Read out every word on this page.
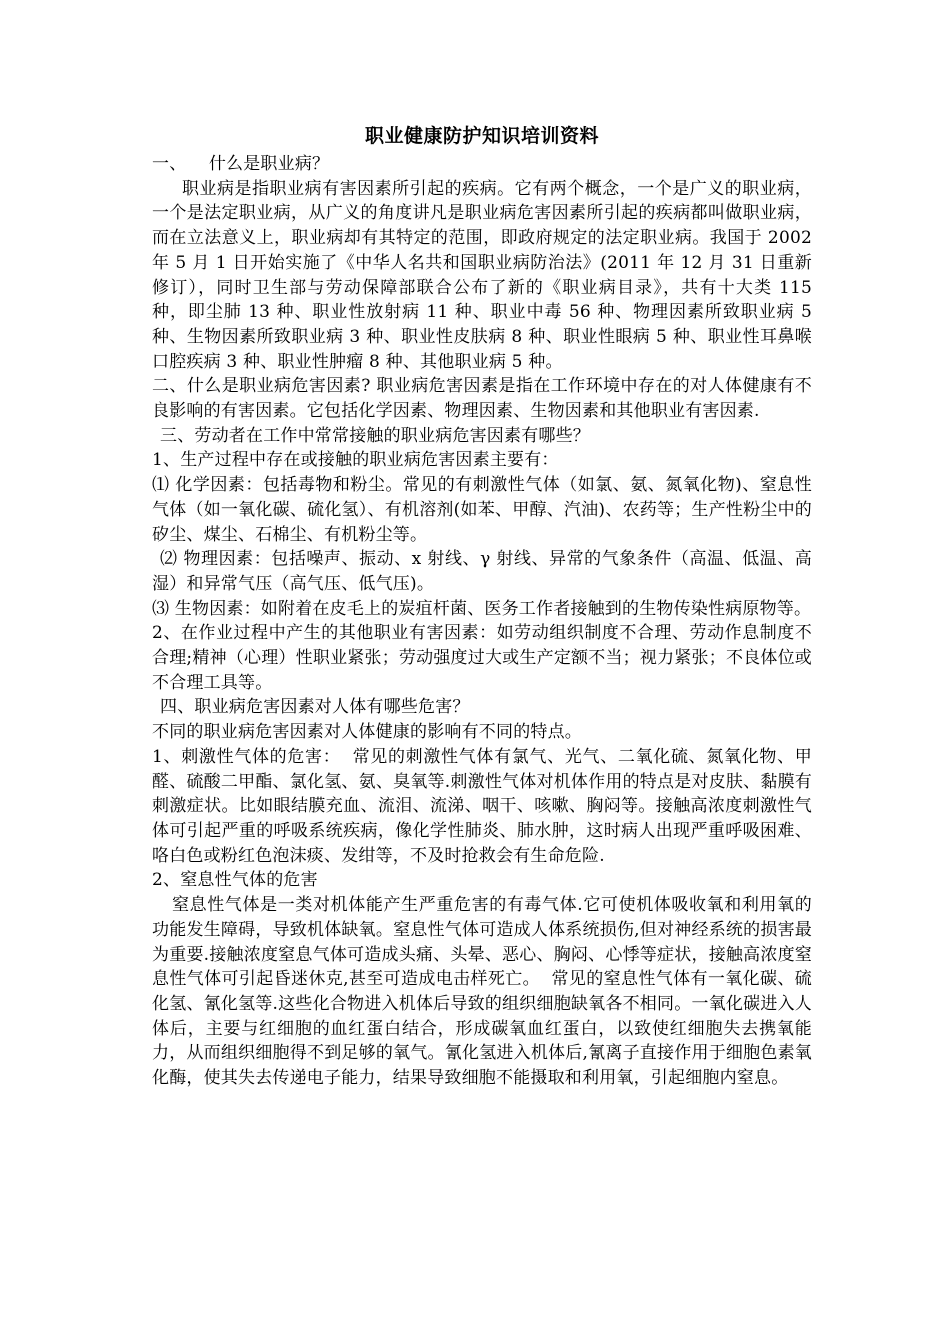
职业健康防护知识培训资料

一、    什么是职业病？

职业病是指职业病有害因素所引起的疾病。它有两个概念，一个是广义的职业病，一个是法定职业病，从广义的角度讲凡是职业病危害因素所引起的疾病都叫做职业病，而在立法意义上，职业病却有其特定的范围，即政府规定的法定职业病。我国于 2002 年 5 月 1 日开始实施了《中华人名共和国职业病防治法》(2011 年 12 月 31 日重新修订），同时卫生部与劳动保障部联合公布了新的《职业病目录》，共有十大类 115 种，即尘肺 13 种、职业性放射病 11 种、职业中毒 56 种、物理因素所致职业病 5 种、生物因素所致职业病 3 种、职业性皮肤病 8 种、职业性眼病 5 种、职业性耳鼻喉口腔疾病 3 种、职业性肿瘤 8 种、其他职业病 5 种。

二、什么是职业病危害因素? 职业病危害因素是指在工作环境中存在的对人体健康有不良影响的有害因素。它包括化学因素、物理因素、生物因素和其他职业有害因素.

三、劳动者在工作中常常接触的职业病危害因素有哪些？

1、生产过程中存在或接触的职业病危害因素主要有：

⑴ 化学因素：包括毒物和粉尘。常见的有刺激性气体（如氯、氨、氮氧化物)、窒息性气体（如一氧化碳、硫化氢）、有机溶剂(如苯、甲醇、汽油)、农药等；生产性粉尘中的矽尘、煤尘、石棉尘、有机粉尘等。

⑵ 物理因素：包括噪声、振动、x 射线、γ 射线、异常的气象条件（高温、低温、高湿）和异常气压（高气压、低气压)。

⑶ 生物因素：如附着在皮毛上的炭疽杆菌、医务工作者接触到的生物传染性病原物等。

2、在作业过程中产生的其他职业有害因素：如劳动组织制度不合理、劳动作息制度不合理;精神（心理）性职业紧张；劳动强度过大或生产定额不当；视力紧张；不良体位或不合理工具等。

四、职业病危害因素对人体有哪些危害？

不同的职业病危害因素对人体健康的影响有不同的特点。

1、刺激性气体的危害：  常见的刺激性气体有氯气、光气、二氧化硫、氮氧化物、甲醛、硫酸二甲酯、氯化氢、氨、臭氧等.刺激性气体对机体作用的特点是对皮肤、黏膜有刺激症状。比如眼结膜充血、流泪、流涕、咽干、咳嗽、胸闷等。接触高浓度刺激性气体可引起严重的呼吸系统疾病，像化学性肺炎、肺水肿，这时病人出现严重呼吸困难、咯白色或粉红色泡沫痰、发绀等，不及时抢救会有生命危险.

2、窒息性气体的危害

窒息性气体是一类对机体能产生严重危害的有毒气体.它可使机体吸收氧和利用氧的功能发生障碍，导致机体缺氧。窒息性气体可造成人体系统损伤,但对神经系统的损害最为重要.接触浓度窒息气体可造成头痛、头晕、恶心、胸闷、心悸等症状，接触高浓度窒息性气体可引起昏迷休克,甚至可造成电击样死亡。  常见的窒息性气体有一氧化碳、硫化氢、氰化氢等.这些化合物进入机体后导致的组织细胞缺氧各不相同。一氧化碳进入人体后，主要与红细胞的血红蛋白结合，形成碳氧血红蛋白，以致使红细胞失去携氧能力，从而组织细胞得不到足够的氧气。氰化氢进入机体后,氰离子直接作用于细胞色素氧化酶，使其失去传递电子能力，结果导致细胞不能摄取和利用氧，引起细胞内窒息。
